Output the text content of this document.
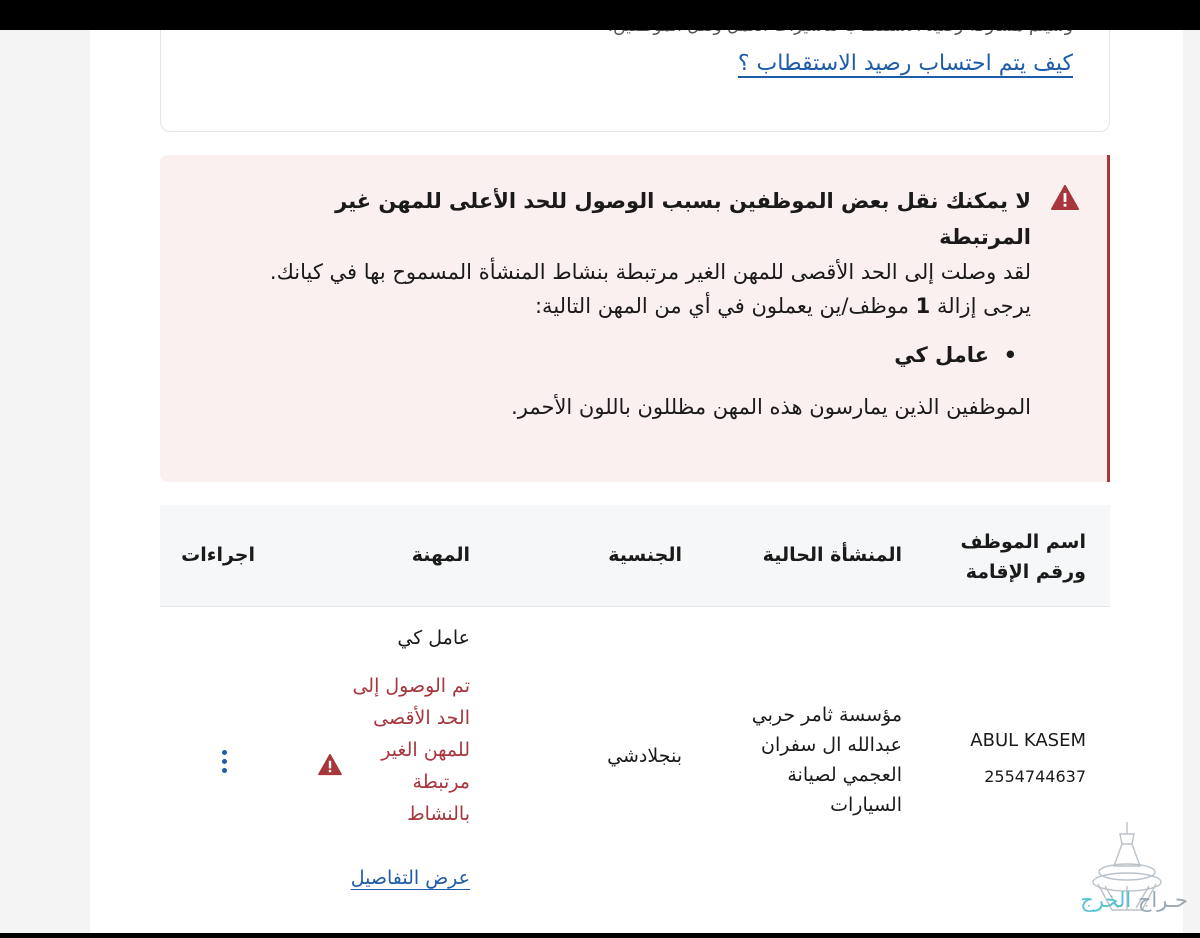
كيف يتم احتساب رصيد الاستقطاب ؟
لا يمكنك نقل بعض الموظفين بسبب الوصول للحد الأعلى للمهن غير المرتبطة
لقد وصلت إلى الحد الأقصى للمهن الغير مرتبطة بنشاط المنشأة المسموح بها في كيانك. يرجى إزالة 1 موظف/ين يعملون في أي من المهن التالية:
• عامل كي
الموظفين الذين يمارسون هذه المهن مظللون باللون الأحمر.
اسم الموظف ورقم الإقامة
المنشأة الحالية
الجنسية
المهنة
اجراءات
ABUL KASEM
2554744637
مؤسسة ثامر حربي عبدالله ال سفران العجمي لصيانة السيارات
بنجلادشي
عامل كي
تم الوصول إلى الحد الأقصى للمهن الغير مرتبطة بالنشاط
عرض التفاصيل
حـراج الخرج
